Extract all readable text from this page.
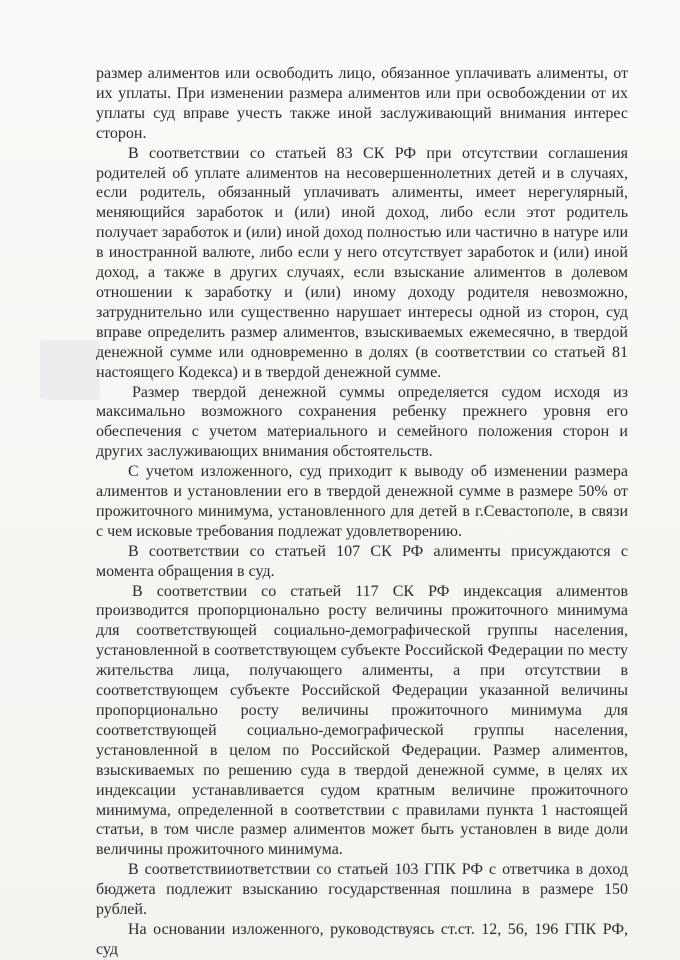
размер алиментов или освободить лицо, обязанное уплачивать алименты, от их уплаты. При изменении размера алиментов или при освобождении от их уплаты суд вправе учесть также иной заслуживающий внимания интерес сторон.

В соответствии со статьей 83 СК РФ при отсутствии соглашения родителей об уплате алиментов на несовершеннолетних детей и в случаях, если родитель, обязанный уплачивать алименты, имеет нерегулярный, меняющийся заработок и (или) иной доход, либо если этот родитель получает заработок и (или) иной доход полностью или частично в натуре или в иностранной валюте, либо если у него отсутствует заработок и (или) иной доход, а также в других случаях, если взыскание алиментов в долевом отношении к заработку и (или) иному доходу родителя невозможно, затруднительно или существенно нарушает интересы одной из сторон, суд вправе определить размер алиментов, взыскиваемых ежемесячно, в твердой денежной сумме или одновременно в долях (в соответствии со статьей 81 настоящего Кодекса) и в твердой денежной сумме.

Размер твердой денежной суммы определяется судом исходя из максимально возможного сохранения ребенку прежнего уровня его обеспечения с учетом материального и семейного положения сторон и других заслуживающих внимания обстоятельств.

С учетом изложенного, суд приходит к выводу об изменении размера алиментов и установлении его в твердой денежной сумме в размере 50% от прожиточного минимума, установленного для детей в г.Севастополе, в связи с чем исковые требования подлежат удовлетворению.

В соответствии со статьей 107 СК РФ алименты присуждаются с момента обращения в суд.

В соответствии со статьей 117 СК РФ индексация алиментов производится пропорционально росту величины прожиточного минимума для соответствующей социально-демографической группы населения, установленной в соответствующем субъекте Российской Федерации по месту жительства лица, получающего алименты, а при отсутствии в соответствующем субъекте Российской Федерации указанной величины пропорционально росту величины прожиточного минимума для соответствующей социально-демографической группы населения, установленной в целом по Российской Федерации. Размер алиментов, взыскиваемых по решению суда в твердой денежной сумме, в целях их индексации устанавливается судом кратным величине прожиточного минимума, определенной в соответствии с правилами пункта 1 настоящей статьи, в том числе размер алиментов может быть установлен в виде доли величины прожиточного минимума.

В соответствииответствии со статьей 103 ГПК РФ с ответчика в доход бюджета подлежит взысканию государственная пошлина в размере 150 рублей.

На основании изложенного, руководствуясь ст.ст. 12, 56, 196 ГПК РФ, суд
